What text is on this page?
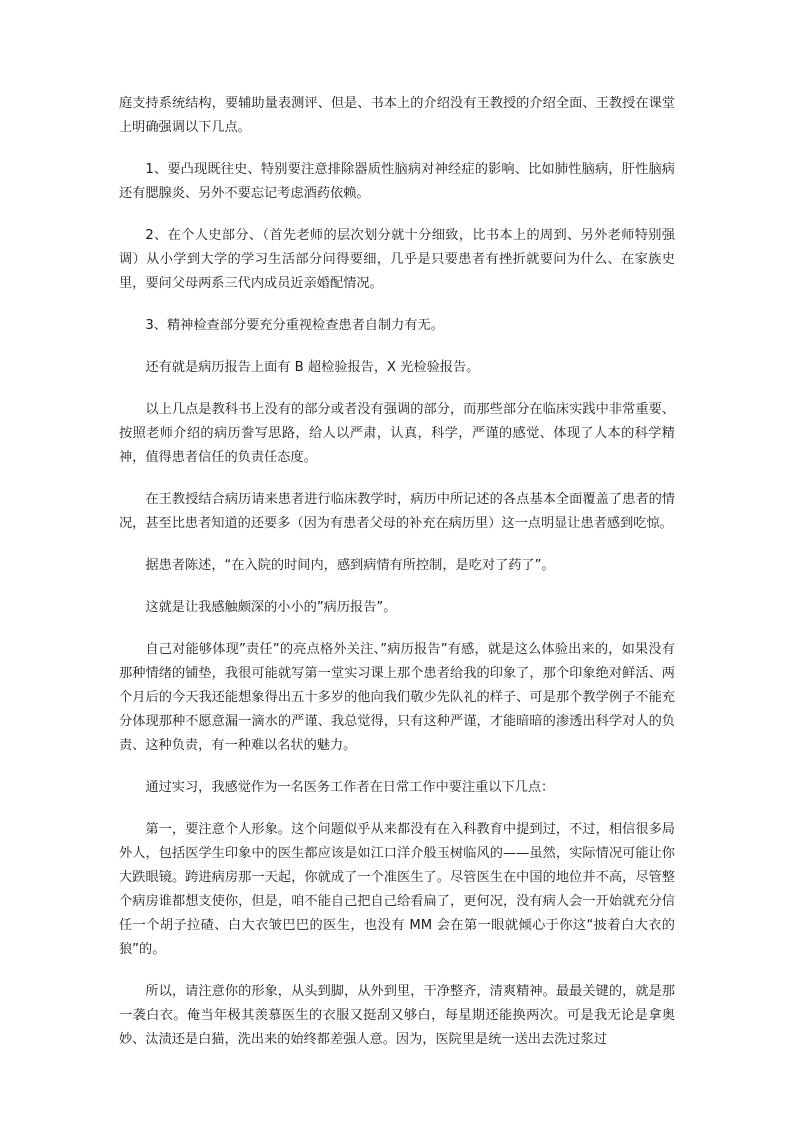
庭支持系统结构，要辅助量表测评、但是、书本上的介绍没有王教授的介绍全面、王教授在课堂上明确强调以下几点。

1、要凸现既往史、特别要注意排除器质性脑病对神经症的影响、比如肺性脑病，肝性脑病还有腮腺炎、另外不要忘记考虑酒药依赖。

2、在个人史部分、（首先老师的层次划分就十分细致，比书本上的周到、另外老师特别强调）从小学到大学的学习生活部分问得要细，几乎是只要患者有挫折就要问为什么、在家族史里，要问父母两系三代内成员近亲婚配情况。

3、精神检查部分要充分重视检查患者自制力有无。

还有就是病历报告上面有 B 超检验报告，X 光检验报告。

以上几点是教科书上没有的部分或者没有强调的部分，而那些部分在临床实践中非常重要、按照老师介绍的病历誊写思路，给人以严肃，认真，科学，严谨的感觉、体现了人本的科学精神，值得患者信任的负责任态度。

在王教授结合病历请来患者进行临床教学时，病历中所记述的各点基本全面覆盖了患者的情况，甚至比患者知道的还要多（因为有患者父母的补充在病历里）这一点明显让患者感到吃惊。

据患者陈述，“在入院的时间内，感到病情有所控制，是吃对了药了”。

这就是让我感触颇深的小小的”病历报告”。

自己对能够体现”责任”的亮点格外关注、”病历报告”有感，就是这么体验出来的，如果没有那种情绪的铺垫，我很可能就写第一堂实习课上那个患者给我的印象了，那个印象绝对鲜活、两个月后的今天我还能想象得出五十多岁的他向我们敬少先队礼的样子、可是那个教学例子不能充分体现那种不愿意漏一滴水的严谨、我总觉得，只有这种严谨，才能暗暗的渗透出科学对人的负责、这种负责，有一种难以名状的魅力。

通过实习，我感觉作为一名医务工作者在日常工作中要注重以下几点：

第一，要注意个人形象。这个问题似乎从来都没有在入科教育中提到过，不过，相信很多局外人，包括医学生印象中的医生都应该是如江口洋介般玉树临风的——虽然，实际情况可能让你大跌眼镜。跨进病房那一天起，你就成了一个准医生了。尽管医生在中国的地位并不高，尽管整个病房谁都想支使你，但是，咱不能自己把自己给看扁了，更何况，没有病人会一开始就充分信任一个胡子拉碴、白大衣皱巴巴的医生，也没有 MM 会在第一眼就倾心于你这“披着白大衣的狼”的。

所以，请注意你的形象，从头到脚，从外到里，干净整齐，清爽精神。最最关键的，就是那一袭白衣。俺当年极其羡慕医生的衣服又挺刮又够白，每星期还能换两次。可是我无论是拿奥妙、汰渍还是白猫，洗出来的始终都差强人意。因为，医院里是统一送出去洗过浆过
